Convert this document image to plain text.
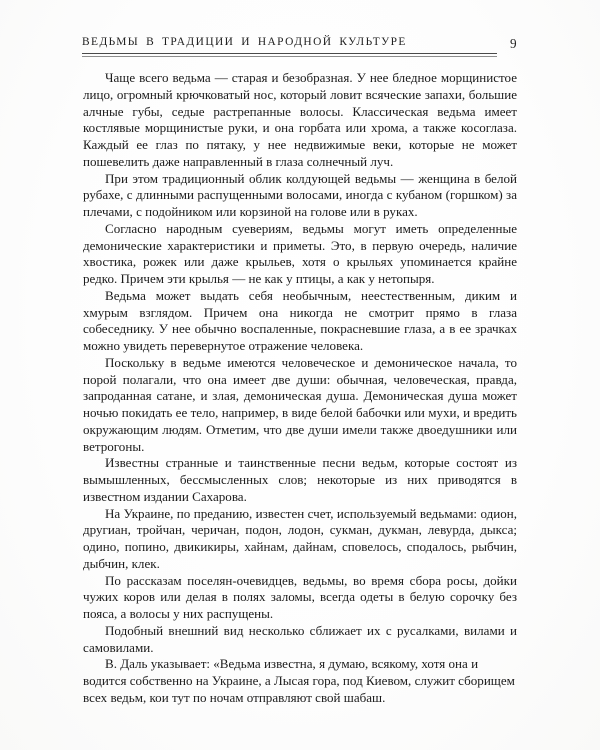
ВЕДЬМЫ В ТРАДИЦИИ И НАРОДНОЙ КУЛЬТУРЕ	9

Чаще всего ведьма — старая и безобразная. У нее бледное морщинистое лицо, огромный крючковатый нос, который ловит всяческие запахи, большие алчные губы, седые растрепанные волосы. Классическая ведьма имеет костлявые морщинистые руки, и она горбата или хрома, а также косоглаза. Каждый ее глаз по пятаку, у нее недвижимые веки, которые не может пошевелить даже направленный в глаза солнечный луч.

При этом традиционный облик колдующей ведьмы — женщина в белой рубахе, с длинными распущенными волосами, иногда с кубаном (горшком) за плечами, с подойником или корзиной на голове или в руках.

Согласно народным суевериям, ведьмы могут иметь определенные демонические характеристики и приметы. Это, в первую очередь, наличие хвостика, рожек или даже крыльев, хотя о крыльях упоминается крайне редко. Причем эти крылья — не как у птицы, а как у нетопыря.

Ведьма может выдать себя необычным, неестественным, диким и хмурым взглядом. Причем она никогда не смотрит прямо в глаза собеседнику. У нее обычно воспаленные, покрасневшие глаза, а в ее зрачках можно увидеть перевернутое отражение человека.

Поскольку в ведьме имеются человеческое и демоническое начала, то порой полагали, что она имеет две души: обычная, человеческая, правда, запроданная сатане, и злая, демоническая душа. Демоническая душа может ночью покидать ее тело, например, в виде белой бабочки или мухи, и вредить окружающим людям. Отметим, что две души имели также двоедушники или ветрогоны.

Известны странные и таинственные песни ведьм, которые состоят из вымышленных, бессмысленных слов; некоторые из них приводятся в известном издании Сахарова.

На Украине, по преданию, известен счет, используемый ведьмами: одион, другиан, тройчан, черичан, подон, лодон, сукман, дукман, левурда, дыкса; одино, попино, двикикиры, хайнам, дайнам, сповелось, сподалось, рыбчин, дыбчин, клек.

По рассказам поселян-очевидцев, ведьмы, во время сбора росы, дойки чужих коров или делая в полях заломы, всегда одеты в белую сорочку без пояса, а волосы у них распущены.

Подобный внешний вид несколько сближает их с русалками, вилами и самовилами.

В. Даль указывает: «Ведьма известна, я думаю, всякому, хотя она и водится собственно на Украине, а Лысая гора, под Киевом, служит сборищем всех ведьм, кои тут по ночам отправляют свой шабаш.
